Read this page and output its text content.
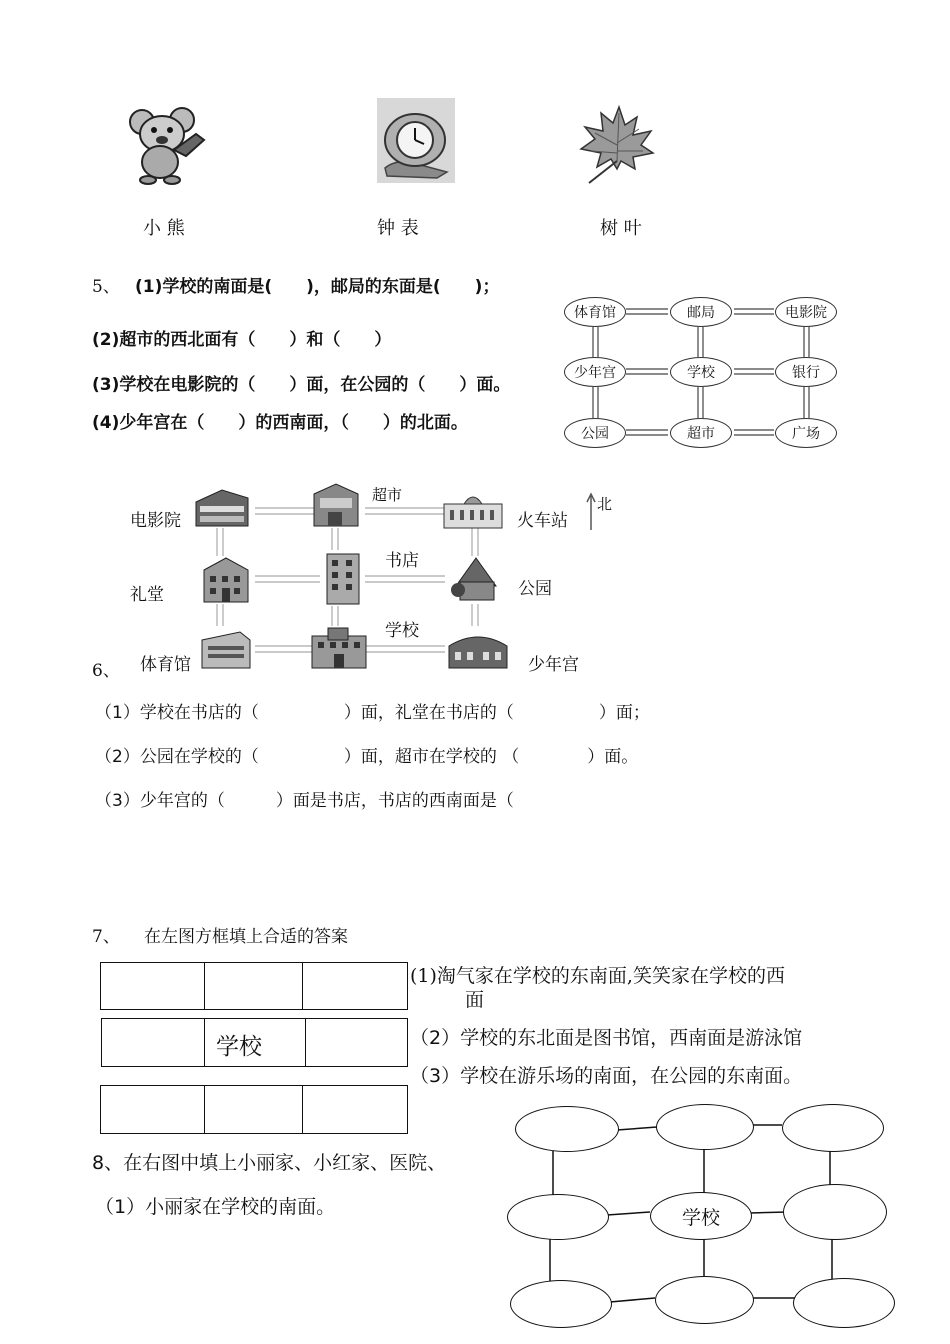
小 熊	钟 表	树 叶
5、 (1)学校的南面是(　　)，邮局的东面是(　　)；
(2)超市的西北面有（　　）和（　　）
(3)学校在电影院的（　　）面，在公园的（　　）面。
(4)少年宫在（　　）的西南面，（　　）的北面。
体育馆	邮局	电影院
少年宫	学校	银行
公园	超市	广场
北
电影院
超市
火车站
礼堂
书店
公园
体育馆
学校
少年宫
6、
（1）学校在书店的（　　　　　）面，礼堂在书店的（　　　　　）面；
（2）公园在学校的（　　　　　）面，超市在学校的 （　　　　）面。
（3）少年宫的（　　　）面是书店，书店的西南面是（
7、 在左图方框填上合适的答案
学校
(1)淘气家在学校的东南面,笑笑家在学校的西
面
（2）学校的东北面是图书馆，西南面是游泳馆
（3）学校在游乐场的南面，在公园的东南面。
8、在右图中填上小丽家、小红家、医院、
（1）小丽家在学校的南面。	学校
